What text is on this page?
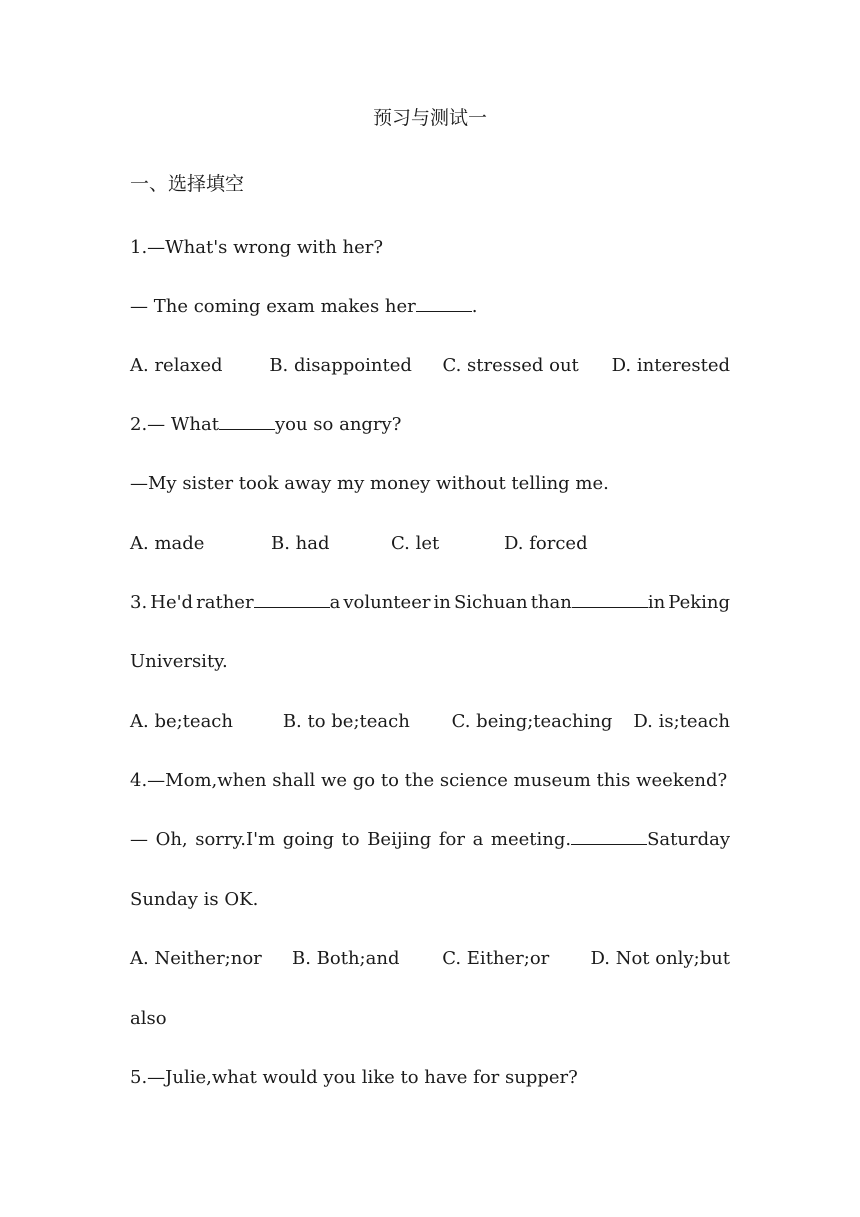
预习与测试一
一、选择填空
1.—What's wrong with her?
— The coming exam makes her	.
A. relaxed	B. disappointed	C. stressed out	D. interested
2.— What	you so angry?
—My sister took away my money without telling me.
A. made	B. had	C. let	D. forced
3. He'd rather	a volunteer in Sichuan than	in Peking
University.
A. be;teach	B. to be;teach	C. being;teaching	D. is;teach
4.—Mom,when shall we go to the science museum this weekend?
— Oh, sorry.I'm going to Beijing for a meeting.	Saturday
Sunday is OK.
A. Neither;nor	B. Both;and	C. Either;or	D. Not only;but
also
5.—Julie,what would you like to have for supper?
